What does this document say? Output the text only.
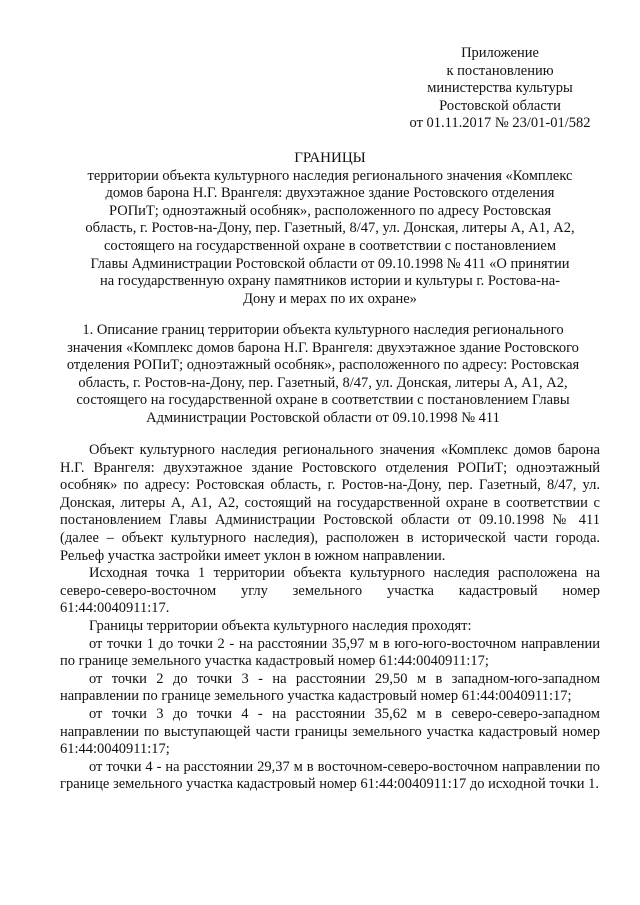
Приложение
к постановлению
министерства культуры
Ростовской области
от 01.11.2017 № 23/01-01/582
ГРАНИЦЫ
территории объекта культурного наследия регионального значения «Комплекс домов барона Н.Г. Врангеля: двухэтажное здание Ростовского отделения РОПиТ; одноэтажный особняк», расположенного по адресу Ростовская область, г. Ростов-на-Дону, пер. Газетный, 8/47, ул. Донская, литеры А, А1, А2, состоящего на государственной охране в соответствии с постановлением Главы Администрации Ростовской области от 09.10.1998 № 411 «О принятии на государственную охрану памятников истории и культуры г. Ростова-на-Дону и мерах по их охране»
1. Описание границ территории объекта культурного наследия регионального значения «Комплекс домов барона Н.Г. Врангеля: двухэтажное здание Ростовского отделения РОПиТ; одноэтажный особняк», расположенного по адресу: Ростовская область, г. Ростов-на-Дону, пер. Газетный, 8/47, ул. Донская, литеры А, А1, А2, состоящего на государственной охране в соответствии с постановлением Главы Администрации Ростовской области от 09.10.1998 № 411

Объект культурного наследия регионального значения «Комплекс домов барона Н.Г. Врангеля: двухэтажное здание Ростовского отделения РОПиТ; одноэтажный особняк» по адресу: Ростовская область, г. Ростов-на-Дону, пер. Газетный, 8/47, ул. Донская, литеры А, А1, А2, состоящий на государственной охране в соответствии с постановлением Главы Администрации Ростовской области от 09.10.1998 № 411 (далее – объект культурного наследия), расположен в исторической части города. Рельеф участка застройки имеет уклон в южном направлении.

Исходная точка 1 территории объекта культурного наследия расположена на северо-северо-восточном углу земельного участка кадастровый номер 61:44:0040911:17.

Границы территории объекта культурного наследия проходят:

от точки 1 до точки 2 - на расстоянии 35,97 м в юго-юго-восточном направлении по границе земельного участка кадастровый номер 61:44:0040911:17;

от точки 2 до точки 3 - на расстоянии 29,50 м в западном-юго-западном направлении по границе земельного участка кадастровый номер 61:44:0040911:17;

от точки 3 до точки 4 - на расстоянии 35,62 м в северо-северо-западном направлении по выступающей части границы земельного участка кадастровый номер 61:44:0040911:17;

от точки 4 - на расстоянии 29,37 м в восточном-северо-восточном направлении по границе земельного участка кадастровый номер 61:44:0040911:17 до исходной точки 1.
